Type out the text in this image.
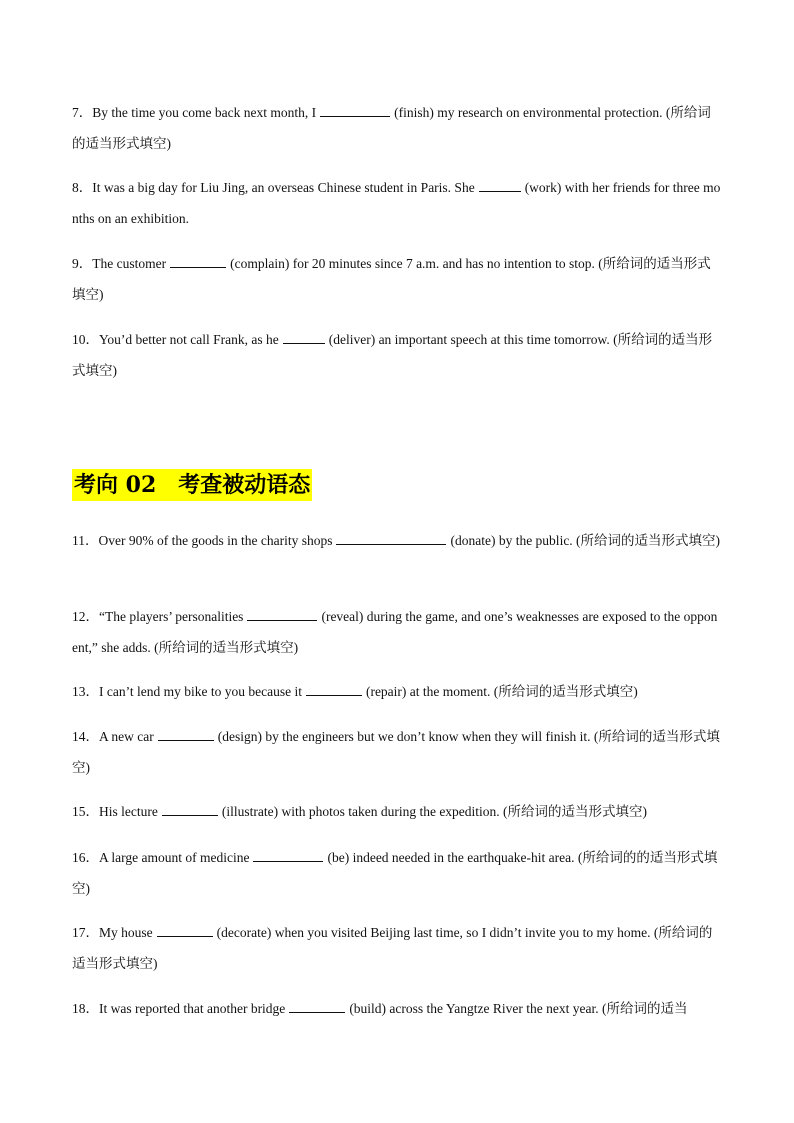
7．By the time you come back next month, I	(finish) my research on environmental protection. (所给词的适当形式填空)

8．It was a big day for Liu Jing, an overseas Chinese student in Paris. She	(work) with her friends for three months on an exhibition.

9．The customer	(complain) for 20 minutes since 7 a.m. and has no intention to stop. (所给词的适当形式填空)

10．You’d better not call Frank, as he	(deliver) an important speech at this time tomorrow. (所给词的适当形式填空)

考向 02　考查被动语态

11．Over 90% of the goods in the charity shops	(donate) by the public. (所给词的适当形式填空)

12．“The players’ personalities	(reveal) during the game, and one’s weaknesses are exposed to the opponent,” she adds. (所给词的适当形式填空)

13．I can’t lend my bike to you because it	(repair) at the moment. (所给词的适当形式填空)

14．A new car	(design) by the engineers but we don’t know when they will finish it. (所给词的适当形式填空)

15．His lecture	(illustrate) with photos taken during the expedition. (所给词的适当形式填空)

16．A large amount of medicine	(be) indeed needed in the earthquake-hit area. (所给词的的适当形式填空)

17．My house	(decorate) when you visited Beijing last time, so I didn’t invite you to my home. (所给词的适当形式填空)

18．It was reported that another bridge	(build) across the Yangtze River the next year. (所给词的适当
